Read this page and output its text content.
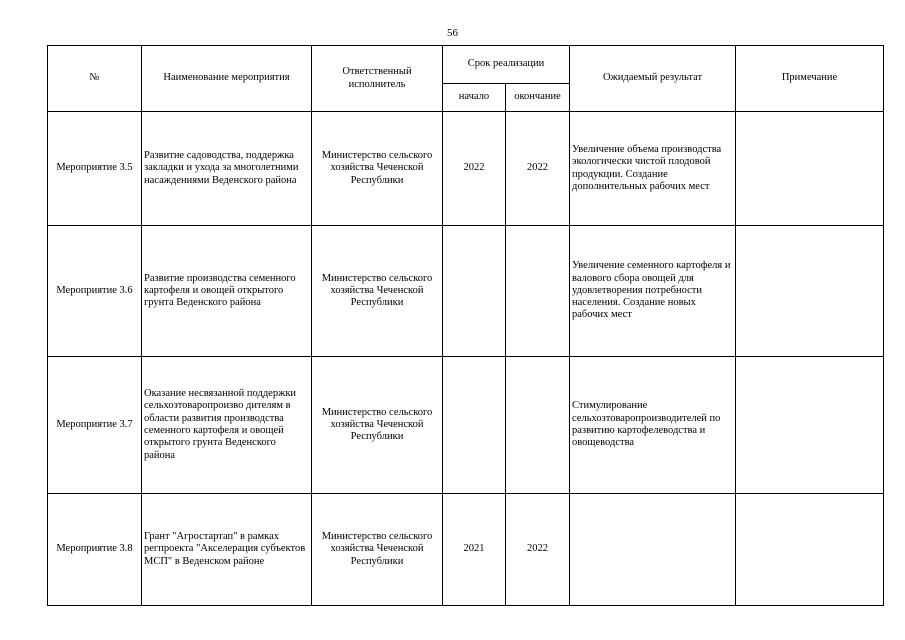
56
№	Наименование мероприятия	Ответственный исполнитель	Срок реализации		Ожидаемый результат	Примечание
			начало	окончание		
Мероприятие 3.5	Развитие садоводства, поддержка закладки и ухода за многолетними насаждениями Веденского района	Министерство сельского хозяйства Чеченской Республики	2022	2022	Увеличение объема производства экологически чистой плодовой продукции. Создание дополнительных рабочих мест	
Мероприятие 3.6	Развитие производства семенного картофеля и овощей открытого грунта Веденского района	Министерство сельского хозяйства Чеченской Республики			Увеличение семенного картофеля и валового сбора овощей для удовлетворения потребности населения. Создание новых рабочих мест	
Мероприятие 3.7	Оказание несвязанной поддержки сельхозтоваропроизво дителям в области развития производства семенного картофеля и овощей открытого грунта Веденского района	Министерство сельского хозяйства Чеченской Республики			Стимулирование сельхозтоваропроизводителей по развитию картофелеводства и овощеводства	
Мероприятие 3.8	Грант "Агростартап" в рамках регпроекта "Акселерация субъектов МСП" в Веденском районе	Министерство сельского хозяйства Чеченской Республики	2021	2022		
